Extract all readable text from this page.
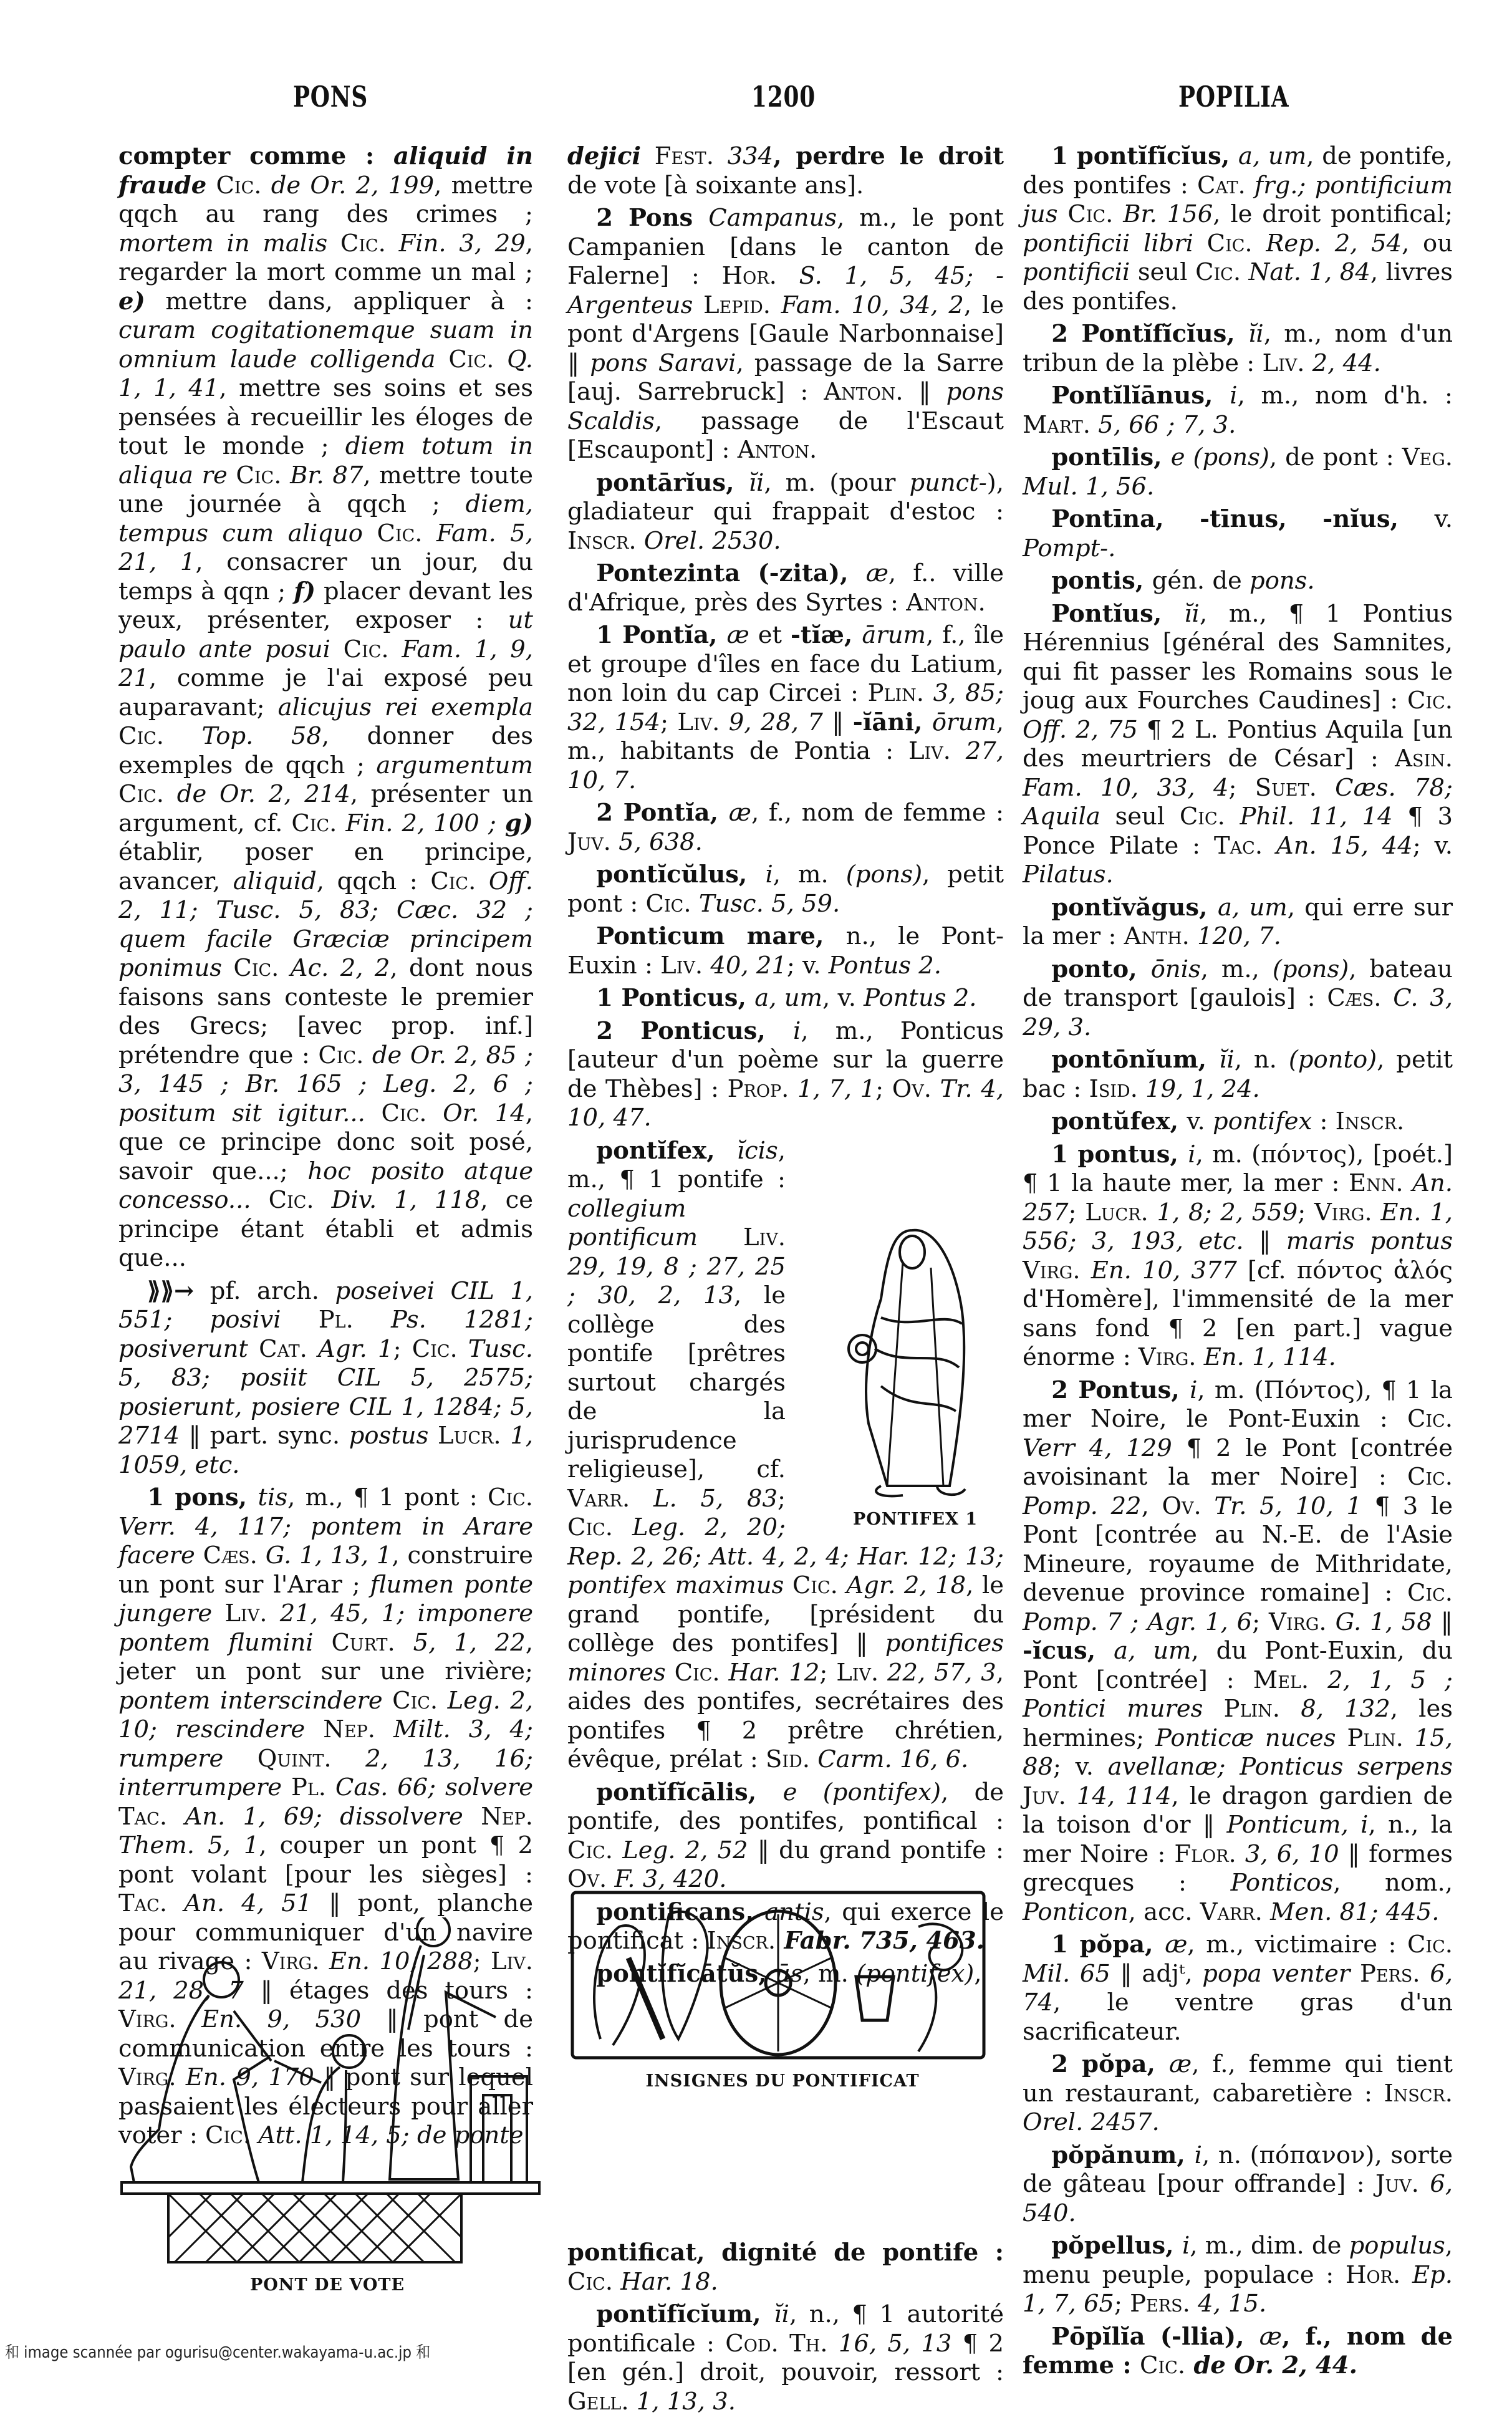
PONS	1200	POPILIA

compter comme : aliquid in fraude Cic. de Or. 2, 199, mettre qqch au rang des crimes ; mortem in malis Cic. Fin. 3, 29, regarder la mort comme un mal ; e) mettre dans, appliquer à : curam cogitationemque suam in omnium laude colligenda Cic. Q. 1, 1, 41, mettre ses soins et ses pensées à recueillir les éloges de tout le monde ; diem totum in aliqua re Cic. Br. 87, mettre toute une journée à qqch ; diem, tempus cum aliquo Cic. Fam. 5, 21, 1, consacrer un jour, du temps à qqn ; f) placer devant les yeux, présenter, exposer : ut paulo ante posui Cic. Fam. 1, 9, 21, comme je l'ai exposé peu auparavant; alicujus rei exempla Cic. Top. 58, donner des exemples de qqch ; argumentum Cic. de Or. 2, 214, présenter un argument, cf. Cic. Fin. 2, 100 ; g) établir, poser en principe, avancer, aliquid, qqch : Cic. Off. 2, 11; Tusc. 5, 83; Cæc. 32 ; quem facile Græciæ principem ponimus Cic. Ac. 2, 2, dont nous faisons sans conteste le premier des Grecs; [avec prop. inf.] prétendre que : Cic. de Or. 2, 85 ; 3, 145 ; Br. 165 ; Leg. 2, 6 ; positum sit igitur... Cic. Or. 14, que ce principe donc soit posé, savoir que...; hoc posito atque concesso... Cic. Div. 1, 118, ce principe étant établi et admis que...

⟫⟫→ pf. arch. poseivei CIL 1, 551; posivi Pl. Ps. 1281; posiverunt Cat. Agr. 1; Cic. Tusc. 5, 83; posiit CIL 5, 2575; posierunt, posiere CIL 1, 1284; 5, 2714 ‖ part. sync. postus Lucr. 1, 1059, etc.

1 pons, tis, m., ¶ 1 pont : Cic. Verr. 4, 117; pontem in Arare facere Cæs. G. 1, 13, 1, construire un pont sur l'Arar ; flumen ponte jungere Liv. 21, 45, 1; imponere pontem flumini Curt. 5, 1, 22, jeter un pont sur une rivière; pontem interscindere Cic. Leg. 2, 10; rescindere Nep. Milt. 3, 4; rumpere Quint. 2, 13, 16; interrumpere Pl. Cas. 66; solvere Tac. An. 1, 69; dissolvere Nep. Them. 5, 1, couper un pont ¶ 2 pont volant [pour les sièges] : Tac. An. 4, 51 ‖ pont, planche pour communiquer d'un navire au rivage : Virg. En. 10, 288; Liv. 21, 28, 7 ‖ étages des tours : Virg. En. 9, 530 ‖ pont de communication entre les tours : Virg. En. 9, 170 ‖ pont sur lequel passaient les électeurs pour aller voter : Cic. Att. 1, 14, 5; de ponte

dejici Fest. 334, perdre le droit de vote [à soixante ans].

2 Pons Campanus, m., le pont Campanien [dans le canton de Falerne] : Hor. S. 1, 5, 45; -Argenteus Lepid. Fam. 10, 34, 2, le pont d'Argens [Gaule Narbonnaise] ‖ pons Saravi, passage de la Sarre [auj. Sarrebruck] : Anton. ‖ pons Scaldis, passage de l'Escaut [Escaupont] : Anton.

pontārĭus, ĭi, m. (pour punct-), gladiateur qui frappait d'estoc : Inscr. Orel. 2530.

Pontezinta (-zita), æ, f.. ville d'Afrique, près des Syrtes : Anton.

1 Pontĭa, æ et -tĭæ, ārum, f., île et groupe d'îles en face du Latium, non loin du cap Circei : Plin. 3, 85; 32, 154; Liv. 9, 28, 7 ‖ -ĭāni, ōrum, m., habitants de Pontia : Liv. 27, 10, 7.

2 Pontĭa, æ, f., nom de femme : Juv. 5, 638.

pontĭcŭlus, i, m. (pons), petit pont : Cic. Tusc. 5, 59.

Ponticum mare, n., le Pont-Euxin : Liv. 40, 21; v. Pontus 2.

1 Ponticus, a, um, v. Pontus 2.

2 Ponticus, i, m., Ponticus [auteur d'un poème sur la guerre de Thèbes] : Prop. 1, 7, 1; Ov. Tr. 4, 10, 47.

PONTIFEX 1
pontĭfex, ĭcis, m., ¶ 1 pontife : collegium pontificum Liv. 29, 19, 8 ; 27, 25 ; 30, 2, 13, le collège des pontife [prêtres surtout chargés de la jurisprudence religieuse], cf. Varr. L. 5, 83; Cic. Leg. 2, 20; Rep. 2, 26; Att. 4, 2, 4; Har. 12; 13; pontifex maximus Cic. Agr. 2, 18, le grand pontife, [président du collège des pontifes] ‖ pontifices minores Cic. Har. 12; Liv. 22, 57, 3, aides des pontifes, secrétaires des pontifes ¶ 2 prêtre chrétien, évêque, prélat : Sid. Carm. 16, 6.

pontĭfĭcālis, e (pontifex), de pontife, des pontifes, pontifical : Cic. Leg. 2, 52 ‖ du grand pontife : Ov. F. 3, 420.

pontificans, antis, qui exerce le pontificat : Inscr. Fabr. 735, 463.

pontĭfĭcātŭs, ūs, m. (pontifex),

pontificat, dignité de pontife : Cic. Har. 18.

pontĭfĭcĭum, ĭi, n., ¶ 1 autorité pontificale : Cod. Th. 16, 5, 13 ¶ 2 [en gén.] droit, pouvoir, ressort : Gell. 1, 13, 3.

1 pontĭfĭcĭus, a, um, de pontife, des pontifes : Cat. frg.; pontificium jus Cic. Br. 156, le droit pontifical; pontificii libri Cic. Rep. 2, 54, ou pontificii seul Cic. Nat. 1, 84, livres des pontifes.

2 Pontĭfĭcĭus, ĭi, m., nom d'un tribun de la plèbe : Liv. 2, 44.

Pontĭlĭānus, i, m., nom d'h. : Mart. 5, 66 ; 7, 3.

pontīlis, e (pons), de pont : Veg. Mul. 1, 56.

Pontīna, -tīnus, -nĭus, v. Pompt-.

pontis, gén. de pons.

Pontĭus, ĭi, m., ¶ 1 Pontius Hérennius [général des Samnites, qui fit passer les Romains sous le joug aux Fourches Caudines] : Cic. Off. 2, 75 ¶ 2 L. Pontius Aquila [un des meurtriers de César] : Asin. Fam. 10, 33, 4; Suet. Cæs. 78; Aquila seul Cic. Phil. 11, 14 ¶ 3 Ponce Pilate : Tac. An. 15, 44; v. Pilatus.

pontĭvăgus, a, um, qui erre sur la mer : Anth. 120, 7.

ponto, ōnis, m., (pons), bateau de transport [gaulois] : Cæs. C. 3, 29, 3.

pontōnĭum, ĭi, n. (ponto), petit bac : Isid. 19, 1, 24.

pontŭfex, v. pontifex : Inscr.

1 pontus, i, m. (πόντος), [poét.] ¶ 1 la haute mer, la mer : Enn. An. 257; Lucr. 1, 8; 2, 559; Virg. En. 1, 556; 3, 193, etc. ‖ maris pontus Virg. En. 10, 377 [cf. πόντος ἁλός d'Homère], l'immensité de la mer sans fond ¶ 2 [en part.] vague énorme : Virg. En. 1, 114.

2 Pontus, i, m. (Πόντος), ¶ 1 la mer Noire, le Pont-Euxin : Cic. Verr 4, 129 ¶ 2 le Pont [contrée avoisinant la mer Noire] : Cic. Pomp. 22, Ov. Tr. 5, 10, 1 ¶ 3 le Pont [contrée au N.-E. de l'Asie Mineure, royaume de Mithridate, devenue province romaine] : Cic. Pomp. 7 ; Agr. 1, 6; Virg. G. 1, 58 ‖ -ĭcus, a, um, du Pont-Euxin, du Pont [contrée] : Mel. 2, 1, 5 ; Pontici mures Plin. 8, 132, les hermines; Ponticæ nuces Plin. 15, 88; v. avellanæ; Ponticus serpens Juv. 14, 114, le dragon gardien de la toison d'or ‖ Ponticum, i, n., la mer Noire : Flor. 3, 6, 10 ‖ formes grecques : Ponticos, nom., Ponticon, acc. Varr. Men. 81; 445.

1 pŏpa, æ, m., victimaire : Cic. Mil. 65 ‖ adjᵗ, popa venter Pers. 6, 74, le ventre gras d'un sacrificateur.

2 pŏpa, æ, f., femme qui tient un restaurant, cabaretière : Inscr. Orel. 2457.

pŏpănum, i, n. (πόπανον), sorte de gâteau [pour offrande] : Juv. 6, 540.

pŏpellus, i, m., dim. de populus, menu peuple, populace : Hor. Ep. 1, 7, 65; Pers. 4, 15.

Pōpĭlĭa (-llia), æ, f., nom de femme : Cic. de Or. 2, 44.

PONT DE VOTE
INSIGNES DU PONTIFICAT
和 image scannée par ogurisu@center.wakayama-u.ac.jp 和
